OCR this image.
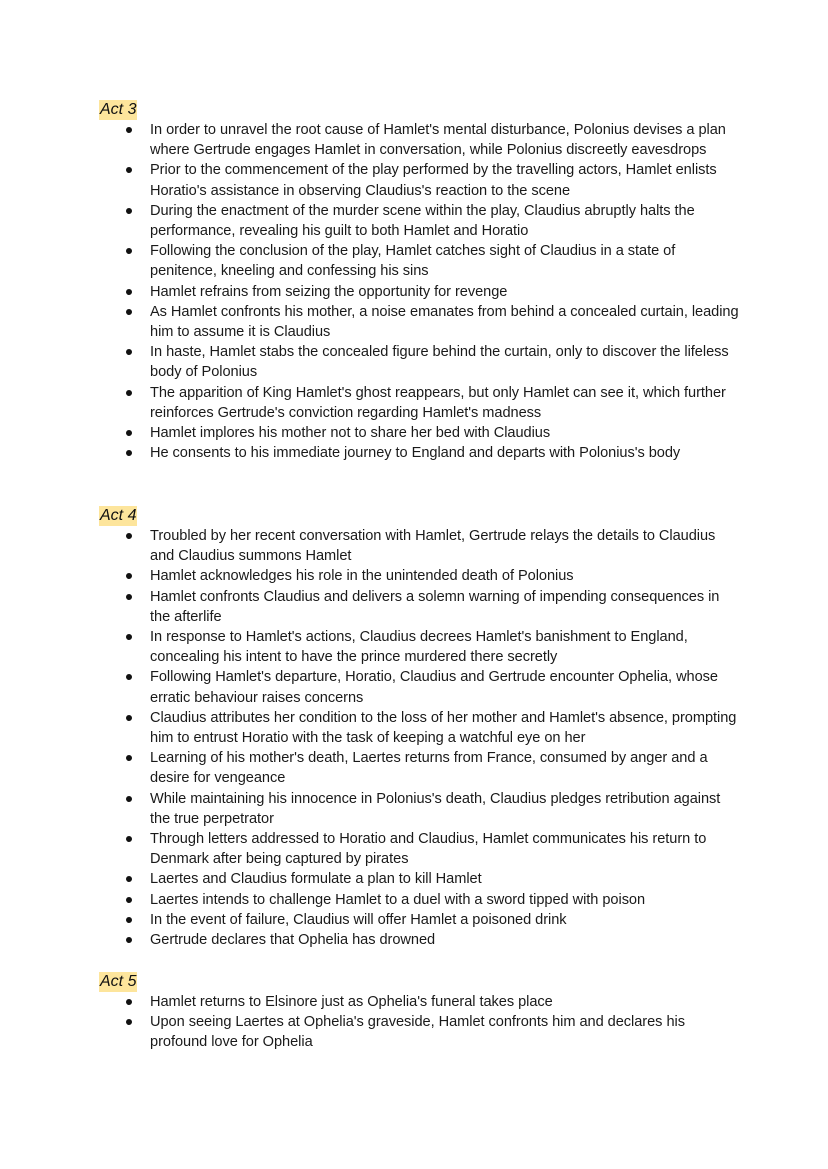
Act 3
In order to unravel the root cause of Hamlet's mental disturbance, Polonius devises a plan where Gertrude engages Hamlet in conversation, while Polonius discreetly eavesdrops
Prior to the commencement of the play performed by the travelling actors, Hamlet enlists Horatio's assistance in observing Claudius's reaction to the scene
During the enactment of the murder scene within the play, Claudius abruptly halts the performance, revealing his guilt to both Hamlet and Horatio
Following the conclusion of the play, Hamlet catches sight of Claudius in a state of penitence, kneeling and confessing his sins
Hamlet refrains from seizing the opportunity for revenge
As Hamlet confronts his mother, a noise emanates from behind a concealed curtain, leading him to assume it is Claudius
In haste, Hamlet stabs the concealed figure behind the curtain, only to discover the lifeless body of Polonius
The apparition of King Hamlet's ghost reappears, but only Hamlet can see it, which further reinforces Gertrude's conviction regarding Hamlet's madness
Hamlet implores his mother not to share her bed with Claudius
He consents to his immediate journey to England and departs with Polonius's body
Act 4
Troubled by her recent conversation with Hamlet, Gertrude relays the details to Claudius and Claudius summons Hamlet
Hamlet acknowledges his role in the unintended death of Polonius
Hamlet confronts Claudius and delivers a solemn warning of impending consequences in the afterlife
In response to Hamlet's actions, Claudius decrees Hamlet's banishment to England, concealing his intent to have the prince murdered there secretly
Following Hamlet's departure, Horatio, Claudius and Gertrude encounter Ophelia, whose erratic behaviour raises concerns
Claudius attributes her condition to the loss of her mother and Hamlet's absence, prompting him to entrust Horatio with the task of keeping a watchful eye on her
Learning of his mother's death, Laertes returns from France, consumed by anger and a desire for vengeance
While maintaining his innocence in Polonius's death, Claudius pledges retribution against the true perpetrator
Through letters addressed to Horatio and Claudius, Hamlet communicates his return to Denmark after being captured by pirates
Laertes and Claudius formulate a plan to kill Hamlet
Laertes intends to challenge Hamlet to a duel with a sword tipped with poison
In the event of failure, Claudius will offer Hamlet a poisoned drink
Gertrude declares that Ophelia has drowned
Act 5
Hamlet returns to Elsinore just as Ophelia's funeral takes place
Upon seeing Laertes at Ophelia's graveside, Hamlet confronts him and declares his profound love for Ophelia
